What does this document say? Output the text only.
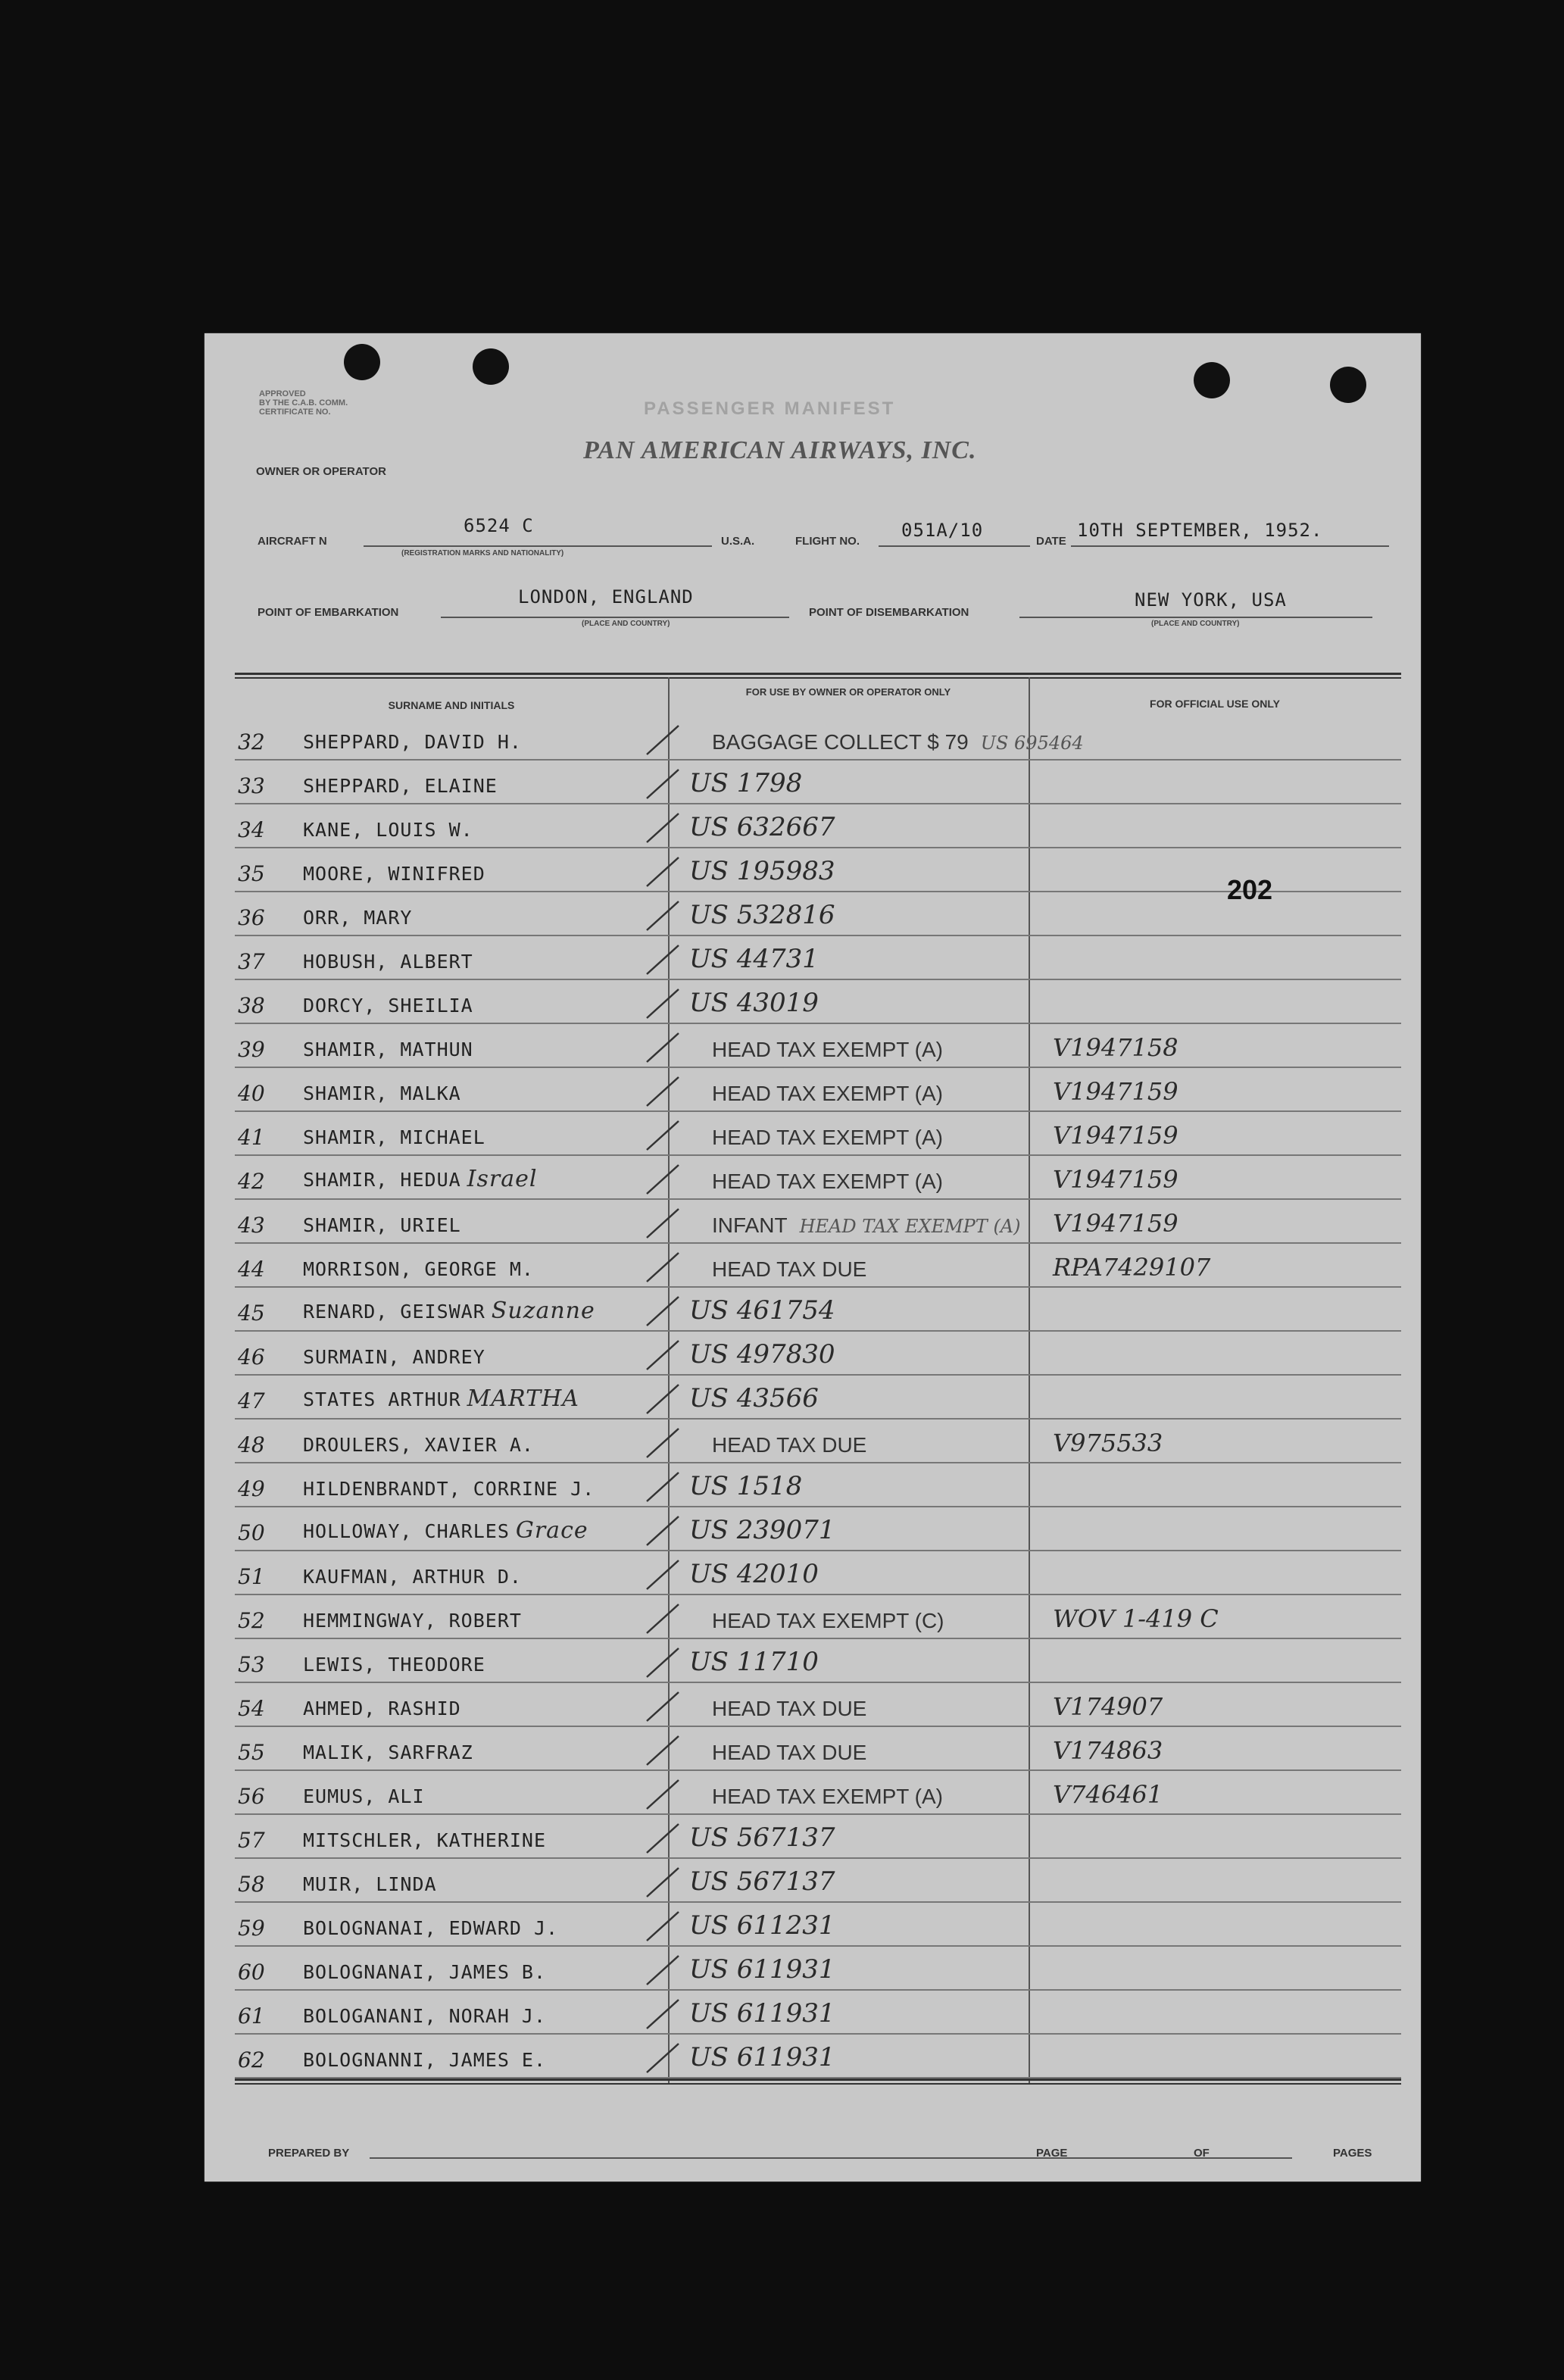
APPROVED
BY THE C.A.B. COMM.
CERTIFICATE NO.	PASSENGER MANIFEST
PAN AMERICAN AIRWAYS, INC.
OWNER OR OPERATOR
AIRCRAFT N
6524 C
(REGISTRATION MARKS AND NATIONALITY)
U.S.A.	FLIGHT NO.
051A/10
DATE
10TH SEPTEMBER, 1952.
POINT OF EMBARKATION
LONDON, ENGLAND
(PLACE AND COUNTRY)
POINT OF DISEMBARKATION
NEW YORK, USA
(PLACE AND COUNTRY)
SURNAME AND INITIALS
FOR USE BY OWNER OR OPERATOR ONLY
FOR OFFICIAL USE ONLY
32 SHEPPARD, DAVID H.	BAGGAGE COLLECT $ 79 US 695464
33 SHEPPARD, ELAINE	US 1798
34 KANE, LOUIS W.	US 632667
35 MOORE, WINIFRED	US 195983
36 ORR, MARY	US 532816
37 HOBUSH, ALBERT	US 44731
38 DORCY, SHEILIA	US 43019
39 SHAMIR, MATHUN	HEAD TAX EXEMPT (A)	V1947158
40 SHAMIR, MALKA	HEAD TAX EXEMPT (A)	V1947159
41 SHAMIR, MICHAEL	HEAD TAX EXEMPT (A)	V1947159
42 SHAMIR, HEDUA Israel	HEAD TAX EXEMPT (A)	V1947159
43 SHAMIR, URIEL	INFANT HEAD TAX EXEMPT (A) V1947159
44 MORRISON, GEORGE M.	HEAD TAX DUE	RPA7429107
45 RENARD, GEISWAR Suzanne	US 461754
46 SURMAIN, ANDREY	US 497830
47 STATES ARTHUR MARTHA	US 43566
48 DROULERS, XAVIER A.	HEAD TAX DUE	V975533
49 HILDENBRANDT, CORRINE J.	US 1518
50 HOLLOWAY, CHARLES Grace	US 239071
51 KAUFMAN, ARTHUR D.	US 42010
52 HEMMINGWAY, ROBERT	HEAD TAX EXEMPT (C)	WOV 1-419 C
53 LEWIS, THEODORE	US 11710
54 AHMED, RASHID	HEAD TAX DUE	V174907
55 MALIK, SARFRAZ	HEAD TAX DUE	V174863
56 EUMUS, ALI	HEAD TAX EXEMPT (A)	V746461
57 MITSCHLER, KATHERINE	US 567137
58 MUIR, LINDA	US 567137
59 BOLOGNANAI, EDWARD J.	US 611231
60 BOLOGNANAI, JAMES B.	US 611931
61 BOLOGANANI, NORAH J.	US 611931
62 BOLOGNANNI, JAMES E.	US 611931
202
PREPARED BY	PAGE	OF	PAGES
